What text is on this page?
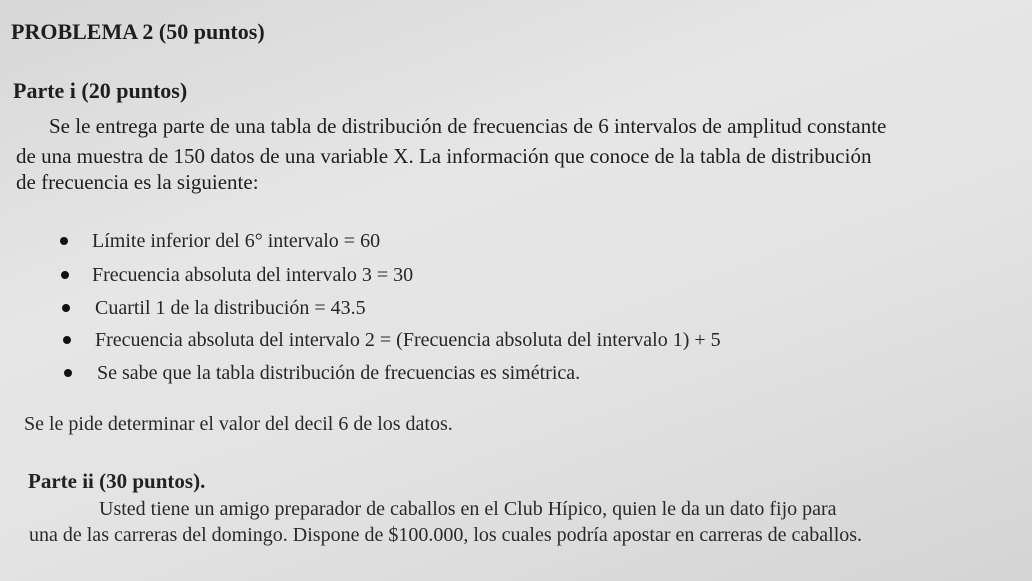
PROBLEMA 2 (50 puntos)
Parte i (20 puntos)
Se le entrega parte de una tabla de distribución de frecuencias de 6 intervalos de amplitud constante
de una muestra de 150 datos de una variable X. La información que conoce de la tabla de distribución
de frecuencia es la siguiente:
Límite inferior del 6° intervalo = 60
Frecuencia absoluta del intervalo 3 = 30
Cuartil 1 de la distribución = 43.5
Frecuencia absoluta del intervalo 2 = (Frecuencia absoluta del intervalo 1) + 5
Se sabe que la tabla distribución de frecuencias es simétrica.
Se le pide determinar el valor del decil 6 de los datos.
Parte ii (30 puntos).
Usted tiene un amigo preparador de caballos en el Club Hípico, quien le da un dato fijo para
una de las carreras del domingo. Dispone de $100.000, los cuales podría apostar en carreras de caballos.
